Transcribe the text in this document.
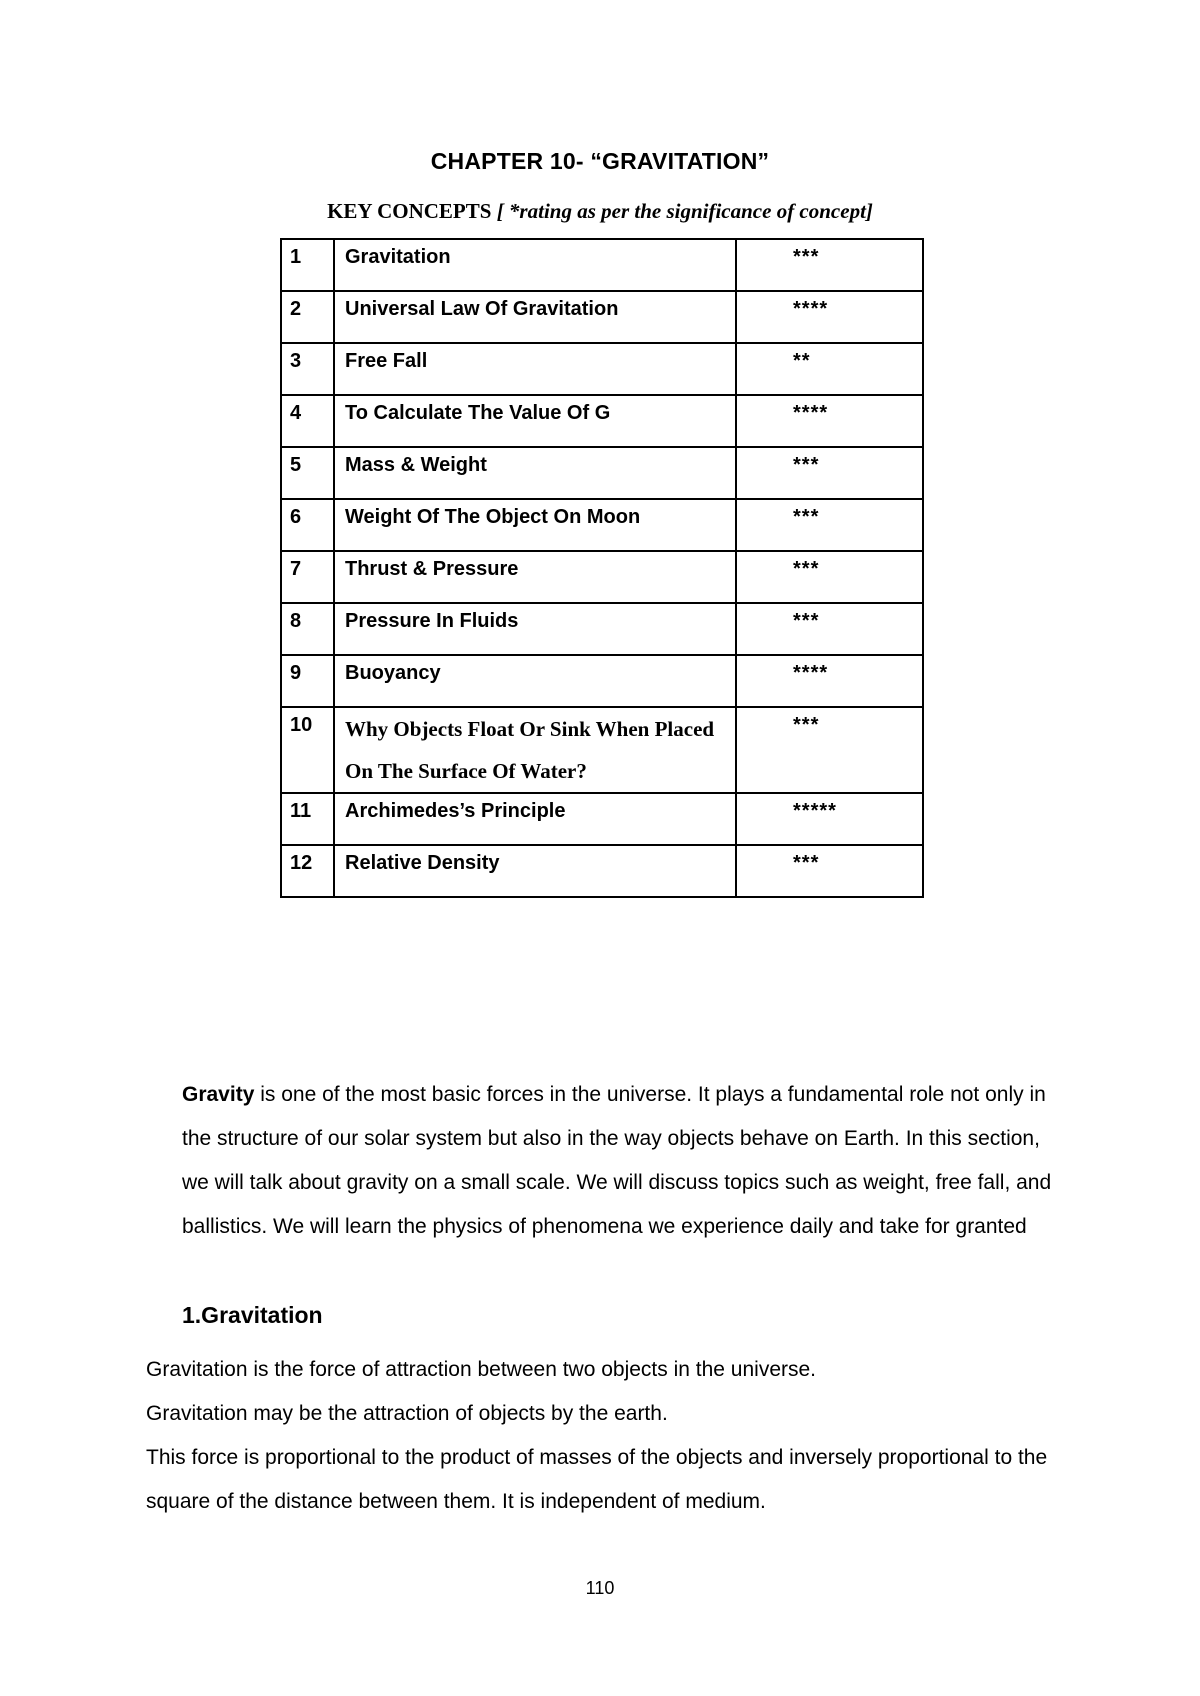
CHAPTER 10- “GRAVITATION”
KEY CONCEPTS [ *rating as per the significance of concept]
1	Gravitation	***
2	Universal Law Of Gravitation	****
3	Free Fall	**
4	To Calculate The Value Of G	****
5	Mass & Weight	***
6	Weight Of The Object On Moon	***
7	Thrust & Pressure	***
8	Pressure In Fluids	***
9	Buoyancy	****
10	Why Objects Float Or Sink When Placed On The Surface Of Water?	***
11	Archimedes’s Principle	*****
12	Relative Density	***
Gravity is one of the most basic forces in the universe. It plays a fundamental role not only in the structure of our solar system but also in the way objects behave on Earth. In this section, we will talk about gravity on a small scale. We will discuss topics such as weight, free fall, and ballistics. We will learn the physics of phenomena we experience daily and take for granted
1.Gravitation

Gravitation is the force of attraction between two objects in the universe.

Gravitation may be the attraction of objects by the earth.

This force is proportional to the product of masses of the objects and inversely proportional to the square of the distance between them. It is independent of medium.

110
